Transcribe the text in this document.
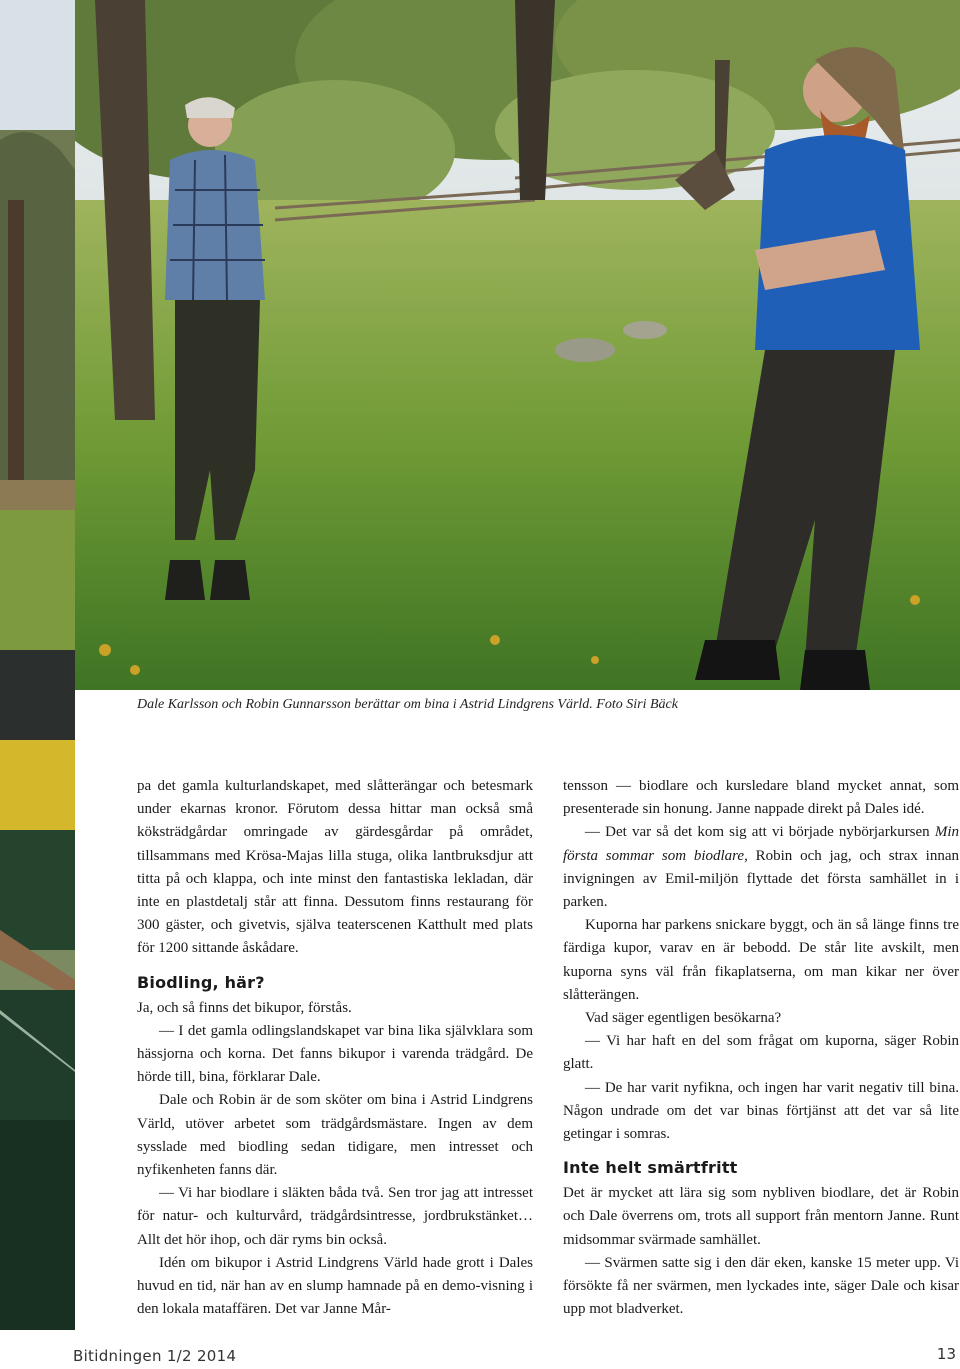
Dale Karlsson och Robin Gunnarsson berättar om bina i Astrid Lindgrens Värld. Foto Siri Bäck

pa det gamla kulturlandskapet, med slåtterängar och betesmark under ekarnas kronor. Förutom dessa hittar man också små köksträdgårdar omringade av gärdesgårdar på området, tillsammans med Krösa-Majas lilla stuga, olika lantbruksdjur att titta på och klappa, och inte minst den fantastiska lekladan, där inte en plastdetalj står att finna. Dessutom finns restaurang för 300 gäster, och givetvis, själva teaterscenen Katthult med plats för 1200 sittande åskådare.

Biodling, här?

Ja, och så finns det bikupor, förstås.

— I det gamla odlingslandskapet var bina lika självklara som hässjorna och korna. Det fanns bikupor i varenda trädgård. De hörde till, bina, förklarar Dale.

Dale och Robin är de som sköter om bina i Astrid Lindgrens Värld, utöver arbetet som trädgårdsmästare. Ingen av dem sysslade med biodling sedan tidigare, men intresset och nyfikenheten fanns där.

— Vi har biodlare i släkten båda två. Sen tror jag att intresset för natur- och kulturvård, trädgårdsintresse, jordbrukstänket… Allt det hör ihop, och där ryms bin också.

Idén om bikupor i Astrid Lindgrens Värld hade grott i Dales huvud en tid, när han av en slump hamnade på en demo-visning i den lokala mataffären. Det var Janne Mår-

tensson — biodlare och kursledare bland mycket annat, som presenterade sin honung. Janne nappade direkt på Dales idé.

— Det var så det kom sig att vi började nybörjarkursen Min första sommar som biodlare, Robin och jag, och strax innan invigningen av Emil-miljön flyttade det första samhället in i parken.

Kuporna har parkens snickare byggt, och än så länge finns tre färdiga kupor, varav en är bebodd. De står lite avskilt, men kuporna syns väl från fikaplatserna, om man kikar ner över slåtterängen.

Vad säger egentligen besökarna?

— Vi har haft en del som frågat om kuporna, säger Robin glatt.

— De har varit nyfikna, och ingen har varit negativ till bina. Någon undrade om det var binas förtjänst att det var så lite getingar i somras.

Inte helt smärtfritt

Det är mycket att lära sig som nybliven biodlare, det är Robin och Dale överrens om, trots all support från mentorn Janne. Runt midsommar svärmade samhället.

— Svärmen satte sig i den där eken, kanske 15 meter upp. Vi försökte få ner svärmen, men lyckades inte, säger Dale och kisar upp mot bladverket.

Bitidningen 1/2 2014	13
